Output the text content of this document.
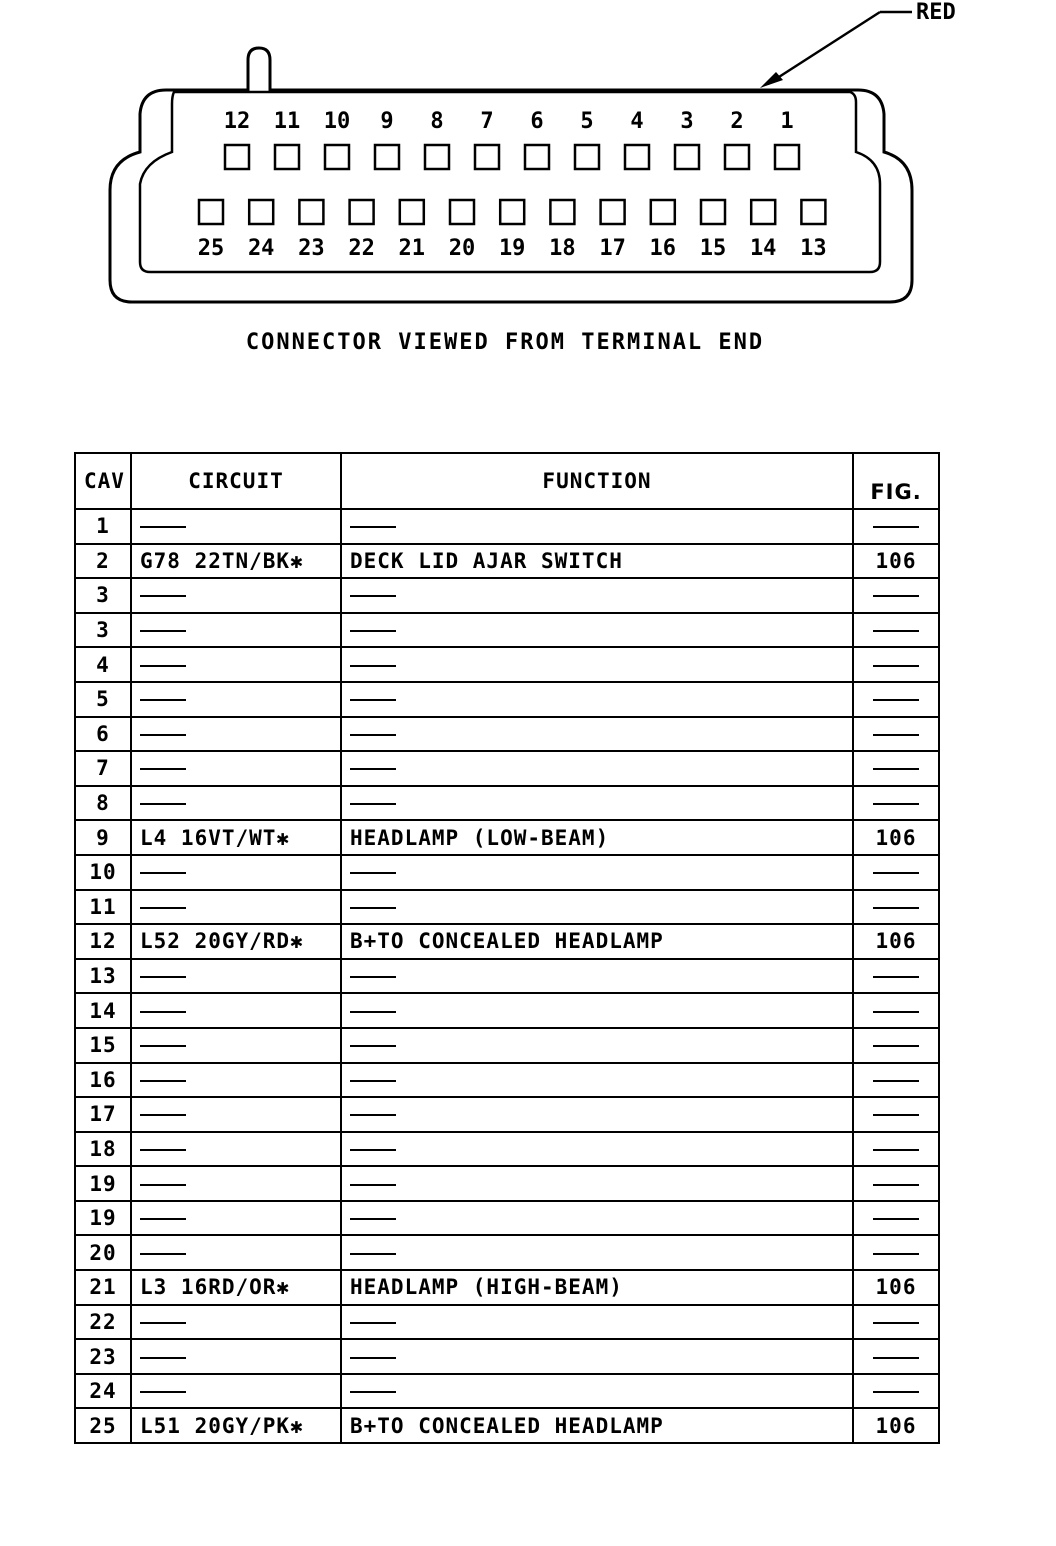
RED
12 11 10 9 8 7 6 5 4 3 2 1
25 24 23 22 21 20 19 18 17 16 15 14 13
CONNECTOR VIEWED FROM TERMINAL END
CAV	CIRCUIT	FUNCTION	FIG.
1			
2	G78 22TN/BK✱	DECK LID AJAR SWITCH	106
3			
3			
4			
5			
6			
7			
8			
9	L4 16VT/WT✱	HEADLAMP (LOW-BEAM)	106
10			
11			
12	L52 20GY/RD✱	B+TO CONCEALED HEADLAMP	106
13			
14			
15			
16			
17			
18			
19			
19			
20			
21	L3 16RD/OR✱	HEADLAMP (HIGH-BEAM)	106
22			
23			
24			
25	L51 20GY/PK✱	B+TO CONCEALED HEADLAMP	106
